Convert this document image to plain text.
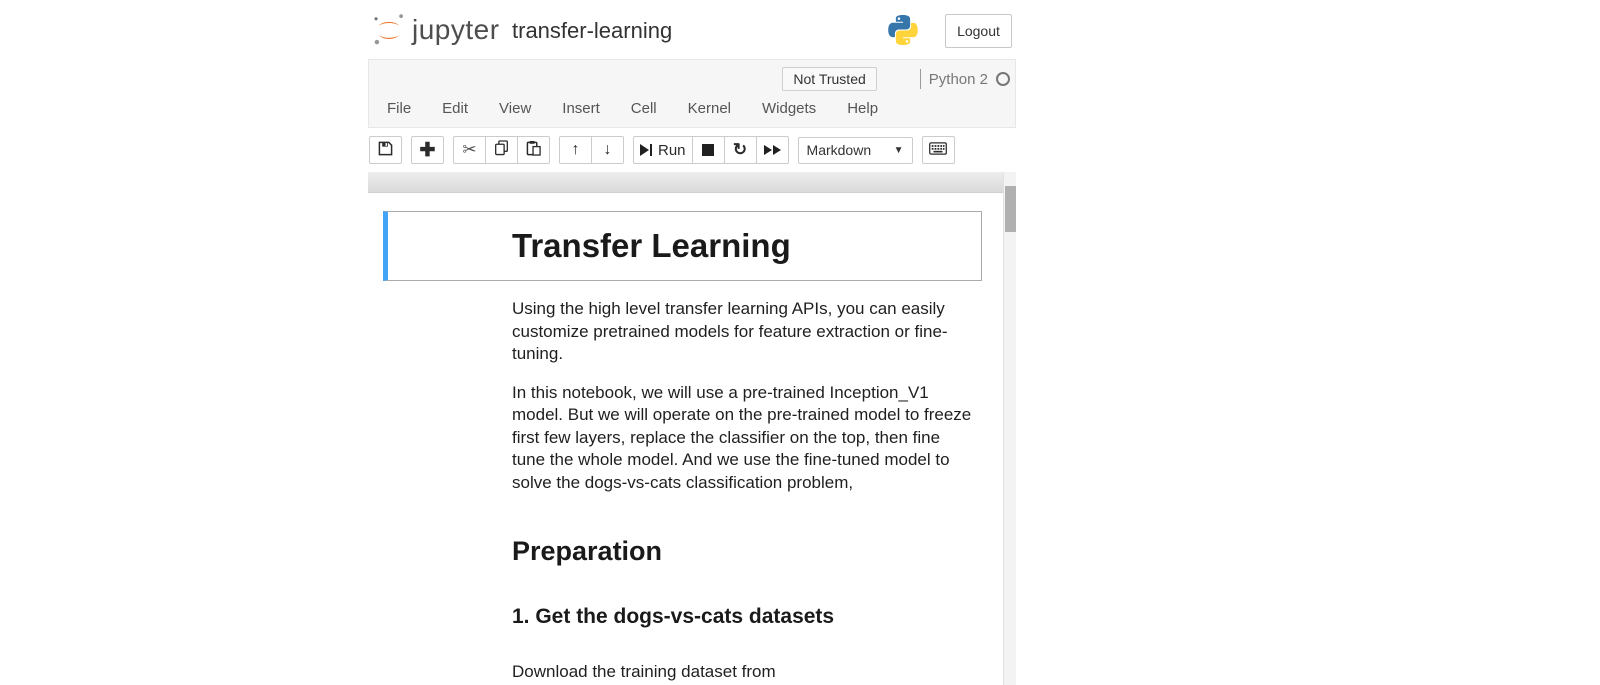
jupyter transfer-learning	Logout
Not Trusted	Python 2
File Edit View Insert Cell Kernel Widgets Help
✚ ✂	↑ ↓	Run	↻	Markdown ▼
Transfer Learning

Using the high level transfer learning APIs, you can easily customize pretrained models for feature extraction or fine-tuning.

In this notebook, we will use a pre-trained Inception_V1 model. But we will operate on the pre-trained model to freeze first few layers, replace the classifier on the top, then fine tune the whole model. And we use the fine-tuned model to solve the dogs-vs-cats classification problem,

Preparation
1. Get the dogs-vs-cats datasets

Download the training dataset from
